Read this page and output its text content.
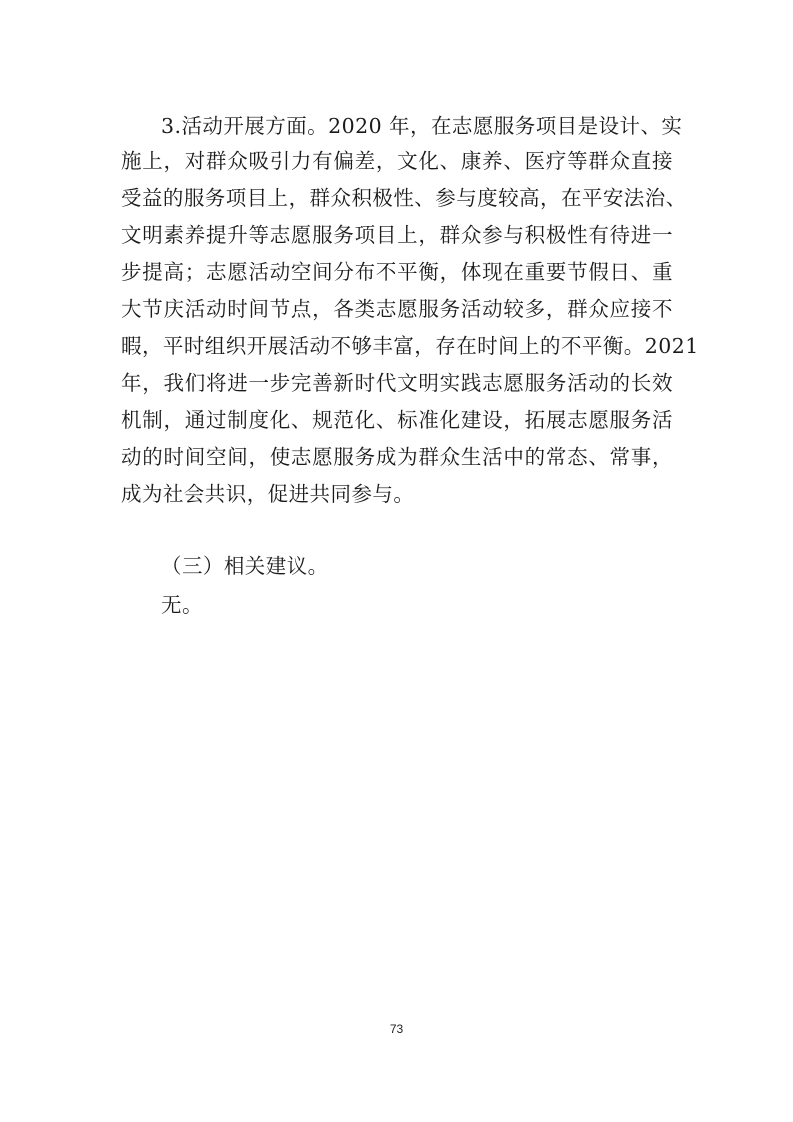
3.活动开展方面。2020 年，在志愿服务项目是设计、实
施上，对群众吸引力有偏差，文化、康养、医疗等群众直接
受益的服务项目上，群众积极性、参与度较高，在平安法治、
文明素养提升等志愿服务项目上，群众参与积极性有待进一
步提高；志愿活动空间分布不平衡，体现在重要节假日、重
大节庆活动时间节点，各类志愿服务活动较多，群众应接不
暇，平时组织开展活动不够丰富，存在时间上的不平衡。2021
年，我们将进一步完善新时代文明实践志愿服务活动的长效
机制，通过制度化、规范化、标准化建设，拓展志愿服务活
动的时间空间，使志愿服务成为群众生活中的常态、常事，
成为社会共识，促进共同参与。
（三）相关建议。
无。
73
